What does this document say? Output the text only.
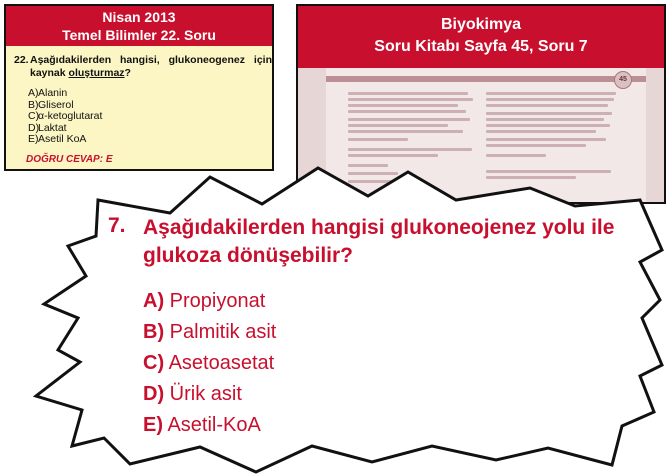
Nisan 2013
Temel Bilimler 22. Soru
22. Aşağıdakilerden hangisi, glukoneogenez için kaynak oluşturmaz?
A)Alanin
B)Gliserol
C)α-ketoglutarat
D)Laktat
E)Asetil KoA
DOĞRU CEVAP: E
Biyokimya
Soru Kitabı Sayfa 45, Soru 7
45
7. Aşağıdakilerden hangisi glukoneojenez yolu ile glukoza dönüşebilir?
A) Propiyonat
B) Palmitik asit
C) Asetoasetat
D) Ürik asit
E) Asetil-KoA
